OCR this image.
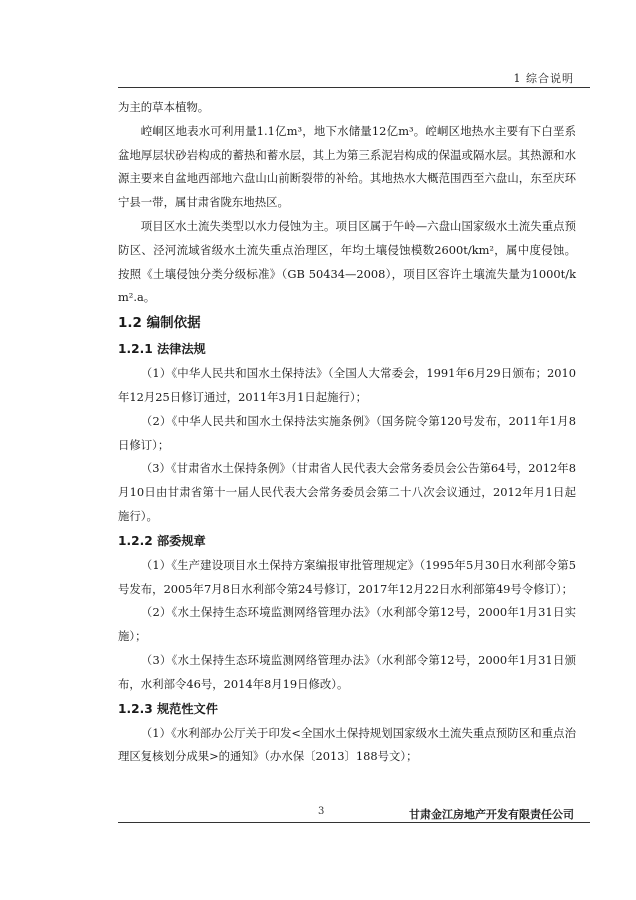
1 综合说明

为主的草本植物。

崆峒区地表水可利用量1.1亿m³，地下水储量12亿m³。崆峒区地热水主要有下白垩系盆地厚层状砂岩构成的蓄热和蓄水层，其上为第三系泥岩构成的保温或隔水层。其热源和水源主要来自盆地西部地六盘山山前断裂带的补给。其地热水大概范围西至六盘山，东至庆环宁县一带，属甘肃省陇东地热区。

项目区水土流失类型以水力侵蚀为主。项目区属于午岭—六盘山国家级水土流失重点预防区、泾河流域省级水土流失重点治理区，年均土壤侵蚀模数2600t/km²，属中度侵蚀。按照《土壤侵蚀分类分级标准》（GB 50434—2008），项目区容许土壤流失量为1000t/km².a。

1.2 编制依据
1.2.1 法律法规

（1）《中华人民共和国水土保持法》（全国人大常委会，1991年6月29日颁布；2010年12月25日修订通过，2011年3月1日起施行）；

（2）《中华人民共和国水土保持法实施条例》（国务院令第120号发布，2011年1月8日修订）；

（3）《甘肃省水土保持条例》（甘肃省人民代表大会常务委员会公告第64号，2012年8月10日由甘肃省第十一届人民代表大会常务委员会第二十八次会议通过，2012年月1日起施行）。

1.2.2 部委规章

（1）《生产建设项目水土保持方案编报审批管理规定》（1995年5月30日水利部令第5号发布，2005年7月8日水利部令第24号修订，2017年12月22日水利部第49号令修订）；

（2）《水土保持生态环境监测网络管理办法》（水利部令第12号，2000年1月31日实施）；

（3）《水土保持生态环境监测网络管理办法》（水利部令第12号，2000年1月31日颁布，水利部令46号，2014年8月19日修改）。

1.2.3 规范性文件

（1）《水利部办公厅关于印发<全国水土保持规划国家级水土流失重点预防区和重点治理区复核划分成果>的通知》（办水保〔2013〕188号文）；

3	甘肃金江房地产开发有限责任公司
